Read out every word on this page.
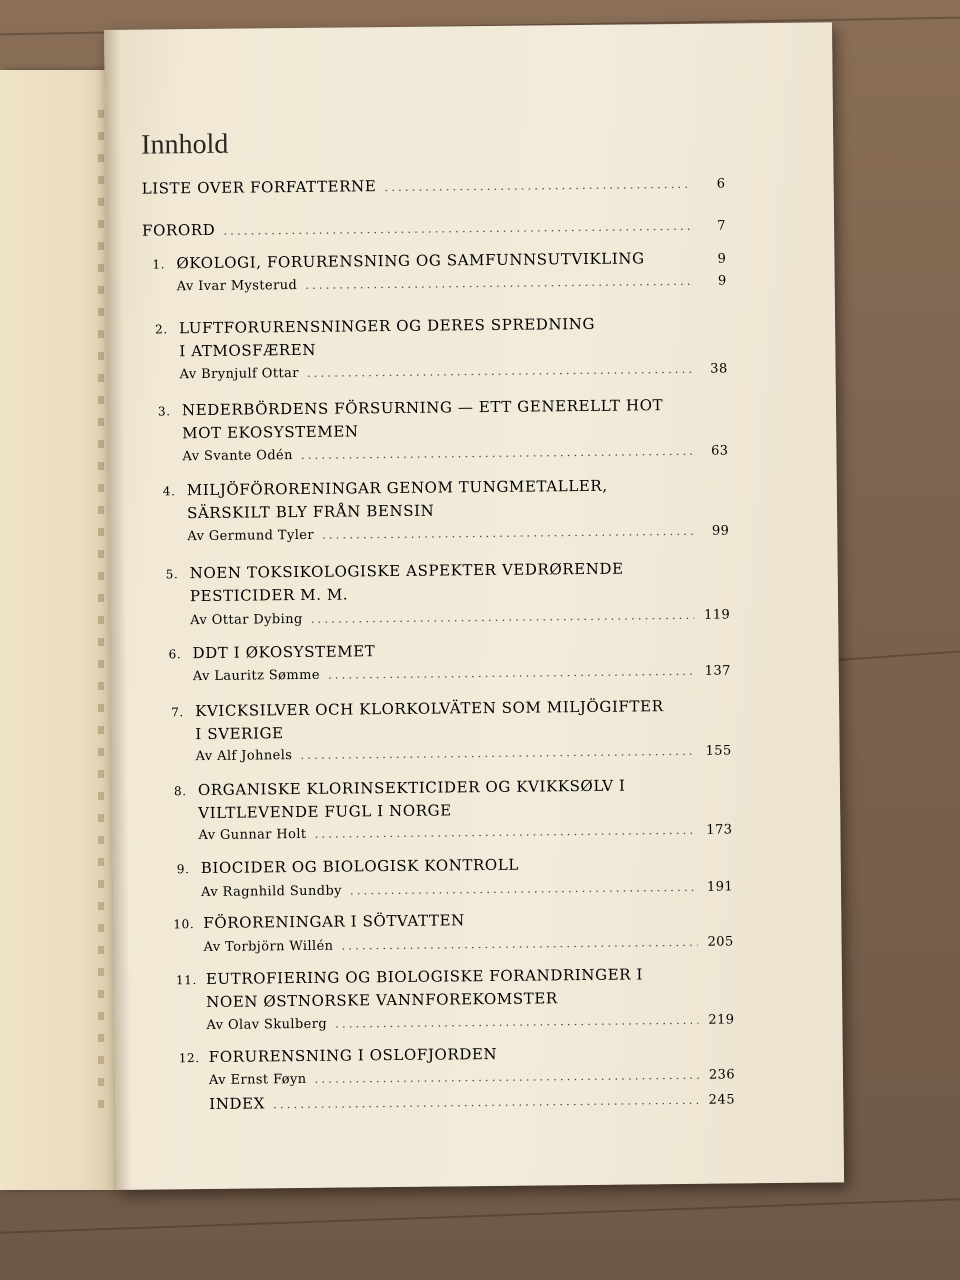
Innhold
LISTE OVER FORFATTERNE .....	6
FORORD .....	7
1. ØKOLOGI, FORURENSNING OG SAMFUNNSUTVIKLING	9
Av Ivar Mysterud .....	9
2. LUFTFORURENSNINGER OG DERES SPREDNING
I ATMOSFÆREN
Av Brynjulf Ottar .....	38
3. NEDERBÖRDENS FÖRSURNING — ETT GENERELLT HOT
MOT EKOSYSTEMEN
Av Svante Odén .....	63
4. MILJÖFÖRORENINGAR GENOM TUNGMETALLER,
SÄRSKILT BLY FRÅN BENSIN
Av Germund Tyler .....	99
5. NOEN TOKSIKOLOGISKE ASPEKTER VEDRØRENDE
PESTICIDER M. M.
Av Ottar Dybing .....	119
6. DDT I ØKOSYSTEMET
Av Lauritz Sømme .....	137
7. KVICKSILVER OCH KLORKOLVÄTEN SOM MILJÖGIFTER
I SVERIGE
Av Alf Johnels .....	155
8. ORGANISKE KLORINSEKTICIDER OG KVIKKSØLV I
VILTLEVENDE FUGL I NORGE
Av Gunnar Holt .....	173
9. BIOCIDER OG BIOLOGISK KONTROLL
Av Ragnhild Sundby .....	191
10. FÖRORENINGAR I SÖTVATTEN
Av Torbjörn Willén .....	205
11. EUTROFIERING OG BIOLOGISKE FORANDRINGER I
NOEN ØSTNORSKE VANNFOREKOMSTER
Av Olav Skulberg .....	219
12. FORURENSNING I OSLOFJORDEN
Av Ernst Føyn .....	236
INDEX .....	245
